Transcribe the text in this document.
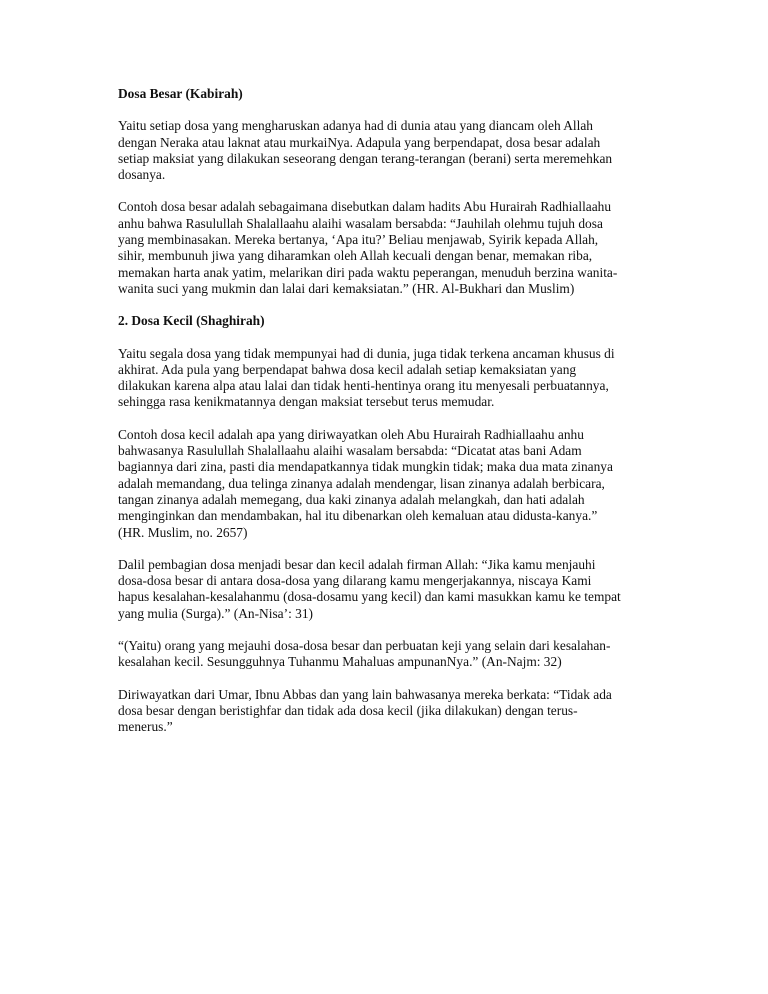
Dosa Besar (Kabirah)
Yaitu setiap dosa yang mengharuskan adanya had di dunia atau yang diancam oleh Allah
dengan Neraka atau laknat atau murkaiNya. Adapula yang berpendapat, dosa besar adalah
setiap maksiat yang dilakukan seseorang dengan terang-terangan (berani) serta meremehkan
dosanya.
Contoh dosa besar adalah sebagaimana disebutkan dalam hadits Abu Hurairah Radhiallaahu
anhu bahwa Rasulullah Shalallaahu alaihi wasalam bersabda: “Jauhilah olehmu tujuh dosa
yang membinasakan. Mereka bertanya, ‘Apa itu?’ Beliau menjawab, Syirik kepada Allah,
sihir, membunuh jiwa yang diharamkan oleh Allah kecuali dengan benar, memakan riba,
memakan harta anak yatim, melarikan diri pada waktu peperangan, menuduh berzina wanita-
wanita suci yang mukmin dan lalai dari kemaksiatan.” (HR. Al-Bukhari dan Muslim)
2. Dosa Kecil (Shaghirah)
Yaitu segala dosa yang tidak mempunyai had di dunia, juga tidak terkena ancaman khusus di
akhirat. Ada pula yang berpendapat bahwa dosa kecil adalah setiap kemaksiatan yang
dilakukan karena alpa atau lalai dan tidak henti-hentinya orang itu menyesali perbuatannya,
sehingga rasa kenikmatannya dengan maksiat tersebut terus memudar.
Contoh dosa kecil adalah apa yang diriwayatkan oleh Abu Hurairah Radhiallaahu anhu
bahwasanya Rasulullah Shalallaahu alaihi wasalam bersabda: “Dicatat atas bani Adam
bagiannya dari zina, pasti dia mendapatkannya tidak mungkin tidak; maka dua mata zinanya
adalah memandang, dua telinga zinanya adalah mendengar, lisan zinanya adalah berbicara,
tangan zinanya adalah memegang, dua kaki zinanya adalah melangkah, dan hati adalah
menginginkan dan mendambakan, hal itu dibenarkan oleh kemaluan atau didusta-kanya.”
(HR. Muslim, no. 2657)
Dalil pembagian dosa menjadi besar dan kecil adalah firman Allah: “Jika kamu menjauhi
dosa-dosa besar di antara dosa-dosa yang dilarang kamu mengerjakannya, niscaya Kami
hapus kesalahan-kesalahanmu (dosa-dosamu yang kecil) dan kami masukkan kamu ke tempat
yang mulia (Surga).” (An-Nisa’: 31)
“(Yaitu) orang yang mejauhi dosa-dosa besar dan perbuatan keji yang selain dari kesalahan-
kesalahan kecil. Sesungguhnya Tuhanmu Mahaluas ampunanNya.” (An-Najm: 32)
Diriwayatkan dari Umar, Ibnu Abbas dan yang lain bahwasanya mereka berkata: “Tidak ada
dosa besar dengan beristighfar dan tidak ada dosa kecil (jika dilakukan) dengan terus-
menerus.”
